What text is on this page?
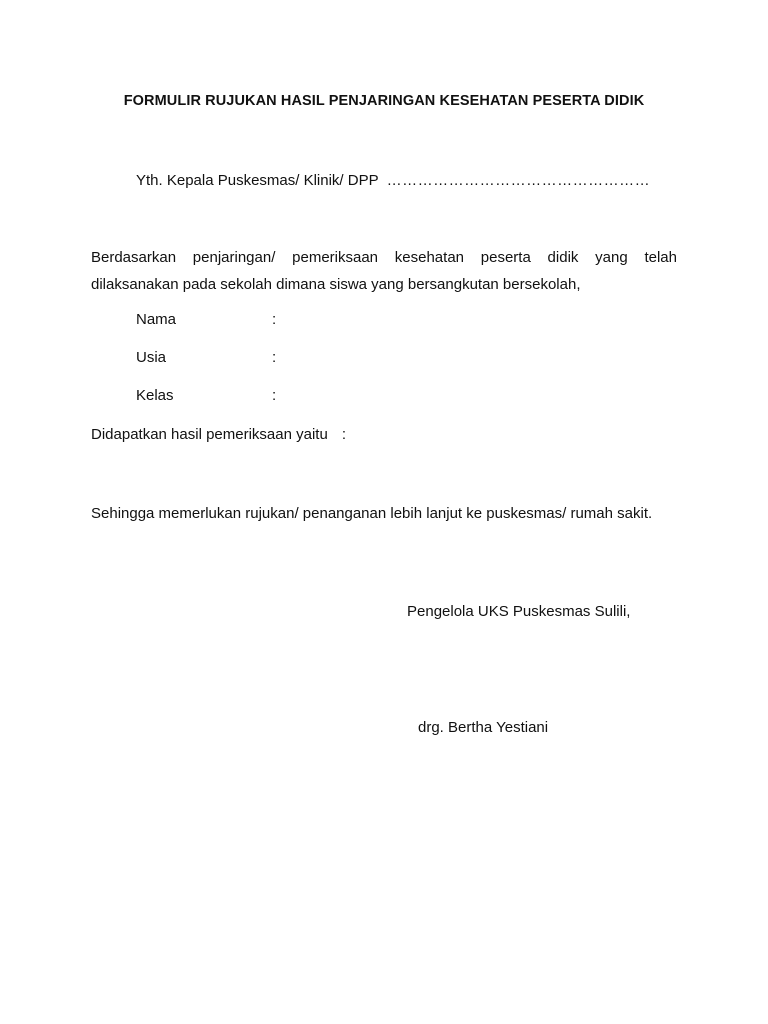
FORMULIR RUJUKAN HASIL PENJARINGAN KESEHATAN PESERTA DIDIK
Yth. Kepala Puskesmas/ Klinik/ DPP ……………………………………………
Berdasarkan penjaringan/ pemeriksaan kesehatan peserta didik yang telah dilaksanakan pada sekolah dimana siswa yang bersangkutan bersekolah,
Nama	:
Usia	:
Kelas	:
Didapatkan hasil pemeriksaan yaitu :
Sehingga memerlukan rujukan/ penanganan lebih lanjut ke puskesmas/ rumah sakit.
Pengelola UKS Puskesmas Sulili,
drg. Bertha Yestiani
